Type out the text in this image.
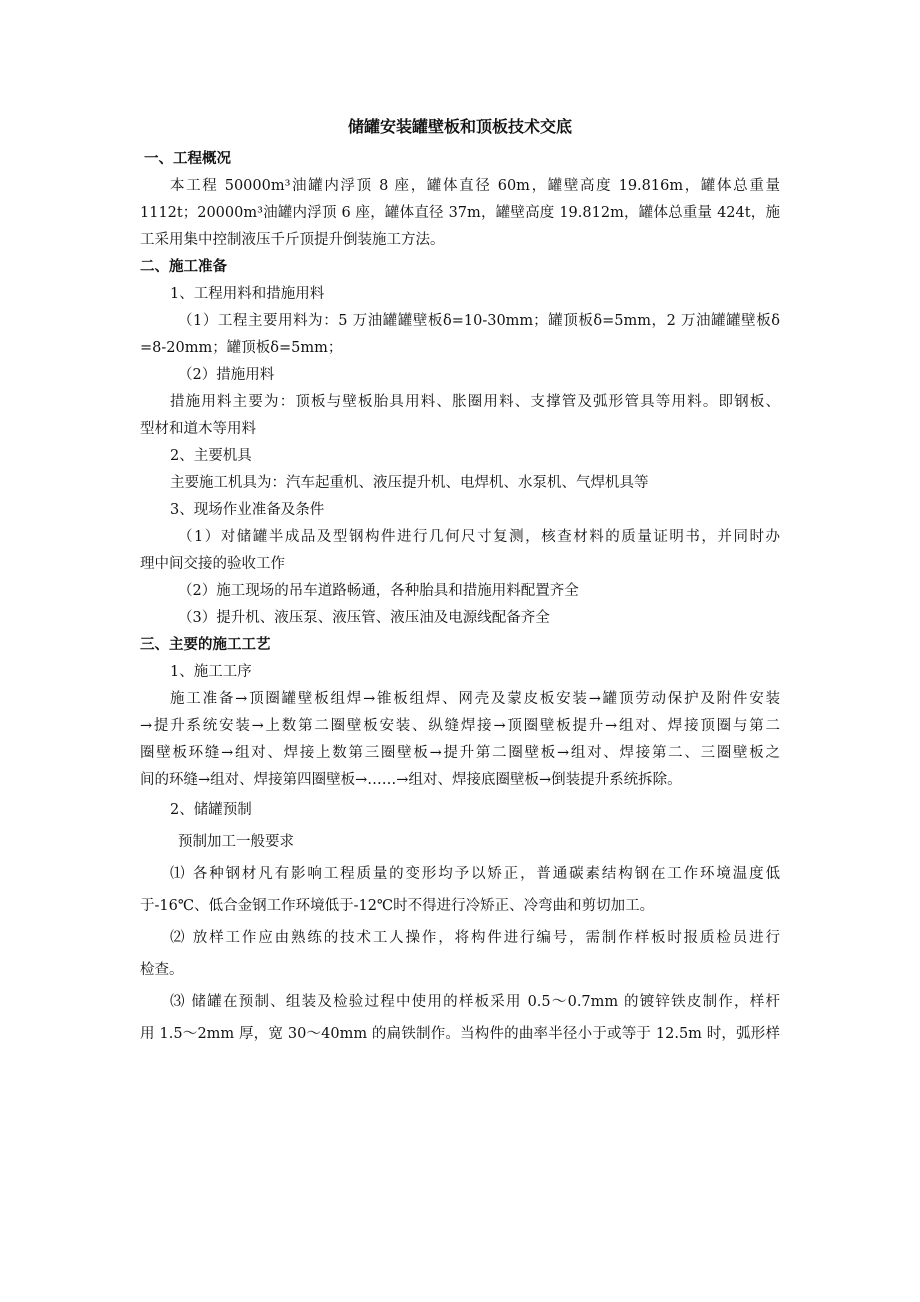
储罐安装罐壁板和顶板技术交底
一、工程概况
本工程 50000m³油罐内浮顶 8 座，罐体直径 60m，罐壁高度 19.816m，罐体总重量
1112t；20000m³油罐内浮顶 6 座，罐体直径 37m，罐壁高度 19.812m，罐体总重量 424t，施
工采用集中控制液压千斤顶提升倒装施工方法。
二、施工准备
1、工程用料和措施用料
（1）工程主要用料为：5 万油罐罐壁板δ=10-30mm；罐顶板δ=5mm，2 万油罐罐壁板δ
=8-20mm；罐顶板δ=5mm；
（2）措施用料
措施用料主要为：顶板与壁板胎具用料、胀圈用料、支撑管及弧形管具等用料。即钢板、
型材和道木等用料
2、主要机具
主要施工机具为：汽车起重机、液压提升机、电焊机、水泵机、气焊机具等
3、现场作业准备及条件
（1）对储罐半成品及型钢构件进行几何尺寸复测，核查材料的质量证明书，并同时办
理中间交接的验收工作
（2）施工现场的吊车道路畅通，各种胎具和措施用料配置齐全
（3）提升机、液压泵、液压管、液压油及电源线配备齐全
三、主要的施工工艺
1、施工工序
施工准备→顶圈罐壁板组焊→锥板组焊、网壳及蒙皮板安装→罐顶劳动保护及附件安装
→提升系统安装→上数第二圈壁板安装、纵缝焊接→顶圈壁板提升→组对、焊接顶圈与第二
圈壁板环缝→组对、焊接上数第三圈壁板→提升第二圈壁板→组对、焊接第二、三圈壁板之
间的环缝→组对、焊接第四圈壁板→……→组对、焊接底圈壁板→倒装提升系统拆除。
2、储罐预制
预制加工一般要求
⑴ 各种钢材凡有影响工程质量的变形均予以矫正，普通碳素结构钢在工作环境温度低
于-16℃、低合金钢工作环境低于-12℃时不得进行冷矫正、冷弯曲和剪切加工。
⑵ 放样工作应由熟练的技术工人操作，将构件进行编号，需制作样板时报质检员进行
检查。
⑶ 储罐在预制、组装及检验过程中使用的样板采用 0.5～0.7mm 的镀锌铁皮制作，样杆
用 1.5～2mm 厚，宽 30～40mm 的扁铁制作。当构件的曲率半径小于或等于 12.5m 时，弧形样
